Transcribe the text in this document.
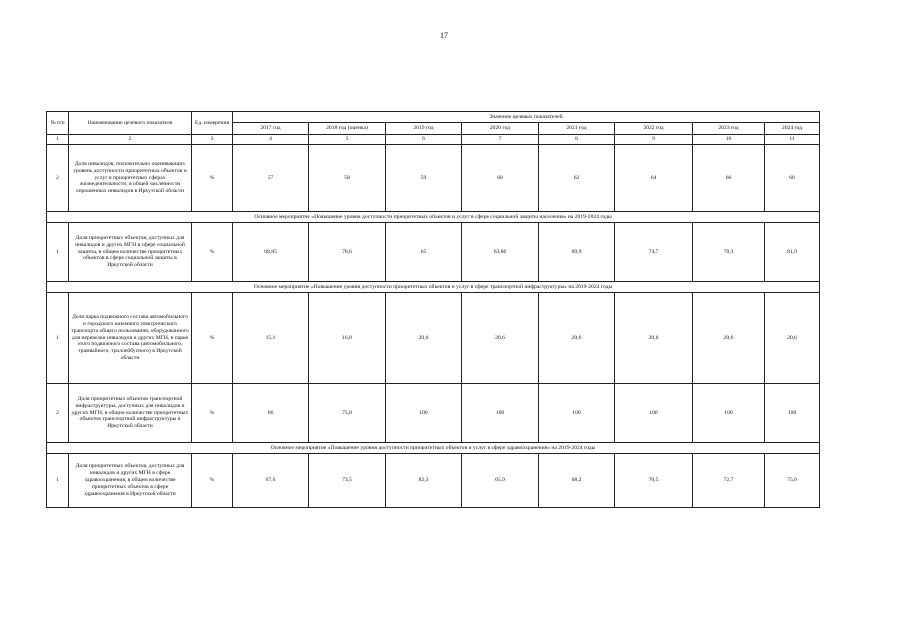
17
№ п/п	Наименование целевого показателя	Ед. измерения	Значение целевых показателей							
			2017 год	2018 год (оценка)	2019 год	2020 год	2021 год	2022 год	2023 год	2024 год
1	2	3	4	5	6	7	8	9	10	11
2	Доля инвалидов, положительно оценивающих уровень доступности приоритетных объектов и услуг в приоритетных сферах жизнедеятельности, в общей численности опрошенных инвалидов в Иркутской области	%	57	58	59	60	62	64	66	68
Основное мероприятие «Повышение уровня доступности приоритетных объектов и услуг в сфере социальной защиты населения» на 2019-2024 годы										
1	Доля приоритетных объектов, доступных для инвалидов и других МГН в сфере социальной защиты, в общем количестве приоритетных объектов в сфере социальной защиты в Иркутской области	%	68,85	78,6	65	63,86	69,9	74,7	78,3	81,9
Основное мероприятие «Повышение уровня доступности приоритетных объектов и услуг в сфере транспортной инфраструктуры» на 2019-2024 годы										
1	Доля парка подвижного состава автомобильного и городского наземного электрического транспорта общего пользования, оборудованного для перевозки инвалидов и других МГН, в парке этого подвижного состава (автомобильного, трамвайного, троллейбусного) в Иркутской области	%	15,1	16,8	20,6	20,6	20,6	20,6	20,6	20,6
2	Доля приоритетных объектов транспортной инфраструктуры, доступных для инвалидов и других МГН, в общем количестве приоритетных объектов транспортной инфраструктуры в Иркутской области	%	66	75,8	100	100	100	100	100	100
Основное мероприятие «Повышение уровня доступности приоритетных объектов и услуг в сфере здравоохранения» на 2019-2024 годы										
1	Доля приоритетных объектов, доступных для инвалидов и других МГН в сфере здравоохранения, в общем количестве приоритетных объектов в сфере здравоохранения в Иркутской области	%	67,6	73,5	82,3	65,9	68,2	70,5	72,7	75,0
